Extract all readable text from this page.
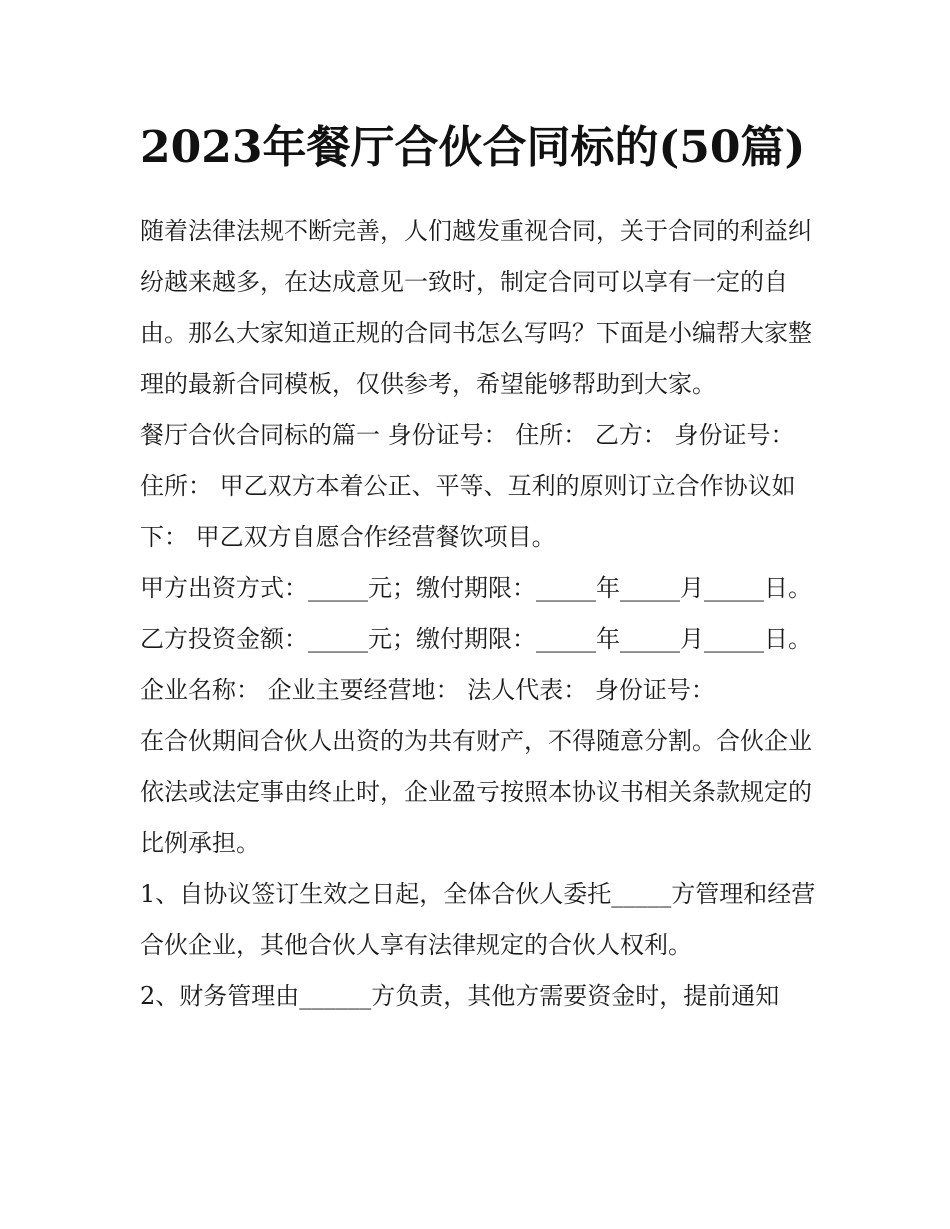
2023年餐厅合伙合同标的(50篇)

随着法律法规不断完善，人们越发重视合同，关于合同的利益纠纷越来越多，在达成意见一致时，制定合同可以享有一定的自由。那么大家知道正规的合同书怎么写吗？下面是小编帮大家整理的最新合同模板，仅供参考，希望能够帮助到大家。

餐厅合伙合同标的篇一 身份证号： 住所： 乙方： 身份证号： 住所： 甲乙双方本着公正、平等、互利的原则订立合作协议如下： 甲乙双方自愿合作经营餐饮项目。

甲方出资方式：_____元；缴付期限：_____年_____月_____日。

乙方投资金额：_____元；缴付期限：_____年_____月_____日。

企业名称： 企业主要经营地： 法人代表： 身份证号：

在合伙期间合伙人出资的为共有财产，不得随意分割。合伙企业依法或法定事由终止时，企业盈亏按照本协议书相关条款规定的比例承担。

1、自协议签订生效之日起，全体合伙人委托_____方管理和经营合伙企业，其他合伙人享有法律规定的合伙人权利。

2、财务管理由______方负责，其他方需要资金时，提前通知
